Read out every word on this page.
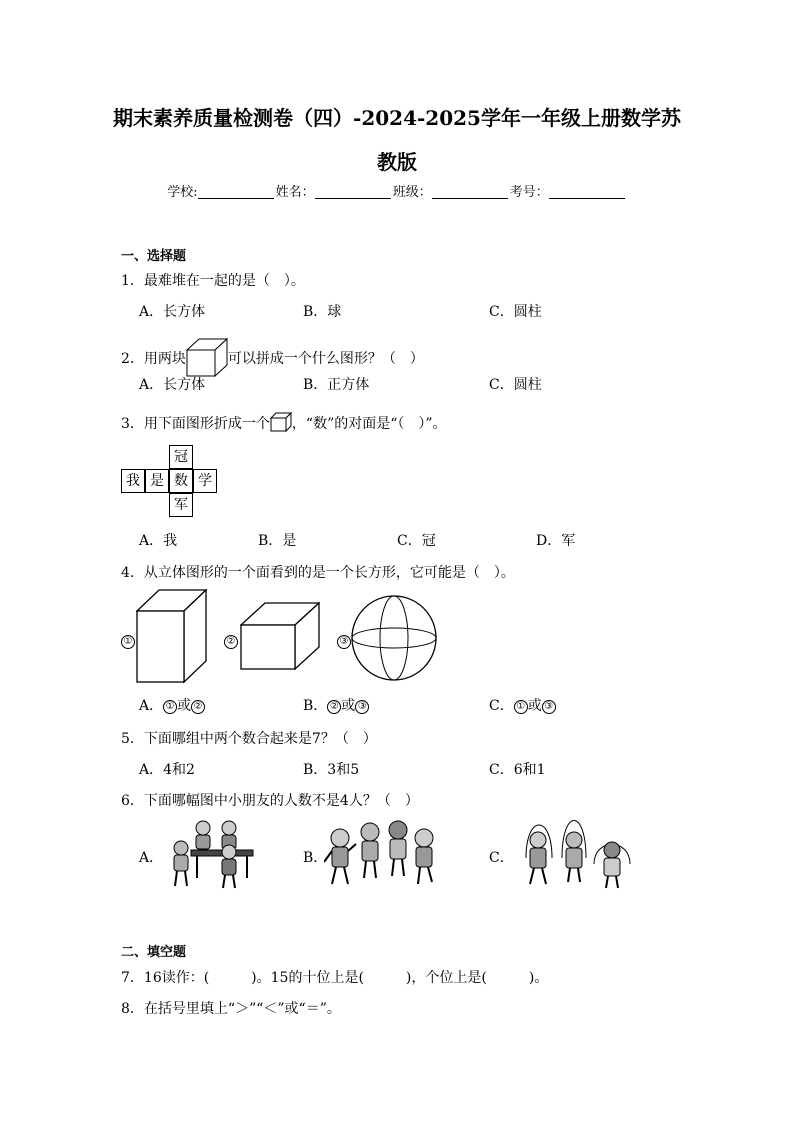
期末素养质量检测卷（四）-2024-2025学年一年级上册数学苏
教版
学校:	姓名：	班级：	考号：
一、选择题
1．最难堆在一起的是（　）。
A．长方体	B．球	C．圆柱
2．用两块	可以拼成一个什么图形？（　）
A．长方体	B．正方体	C．圆柱
3．用下面图形折成一个 ，“数”的对面是“（　）”。
冠
我 是 数 学
军
A．我	B．是	C．冠	D．军
4．从立体图形的一个面看到的是一个长方形，它可能是（　）。
①	②	③
A． ① 或 ②	B． ② 或 ③	C． ① 或 ③
5．下面哪组中两个数合起来是7？（　）
A．4和2	B．3和5	C．6和1
6．下面哪幅图中小朋友的人数不是4人？（　）
A．	B．	C．
二、填空题
7．16读作：(　　　)。15的十位上是(　　　)，个位上是(　　　)。
8．在括号里填上“＞”“＜”或“＝”。
